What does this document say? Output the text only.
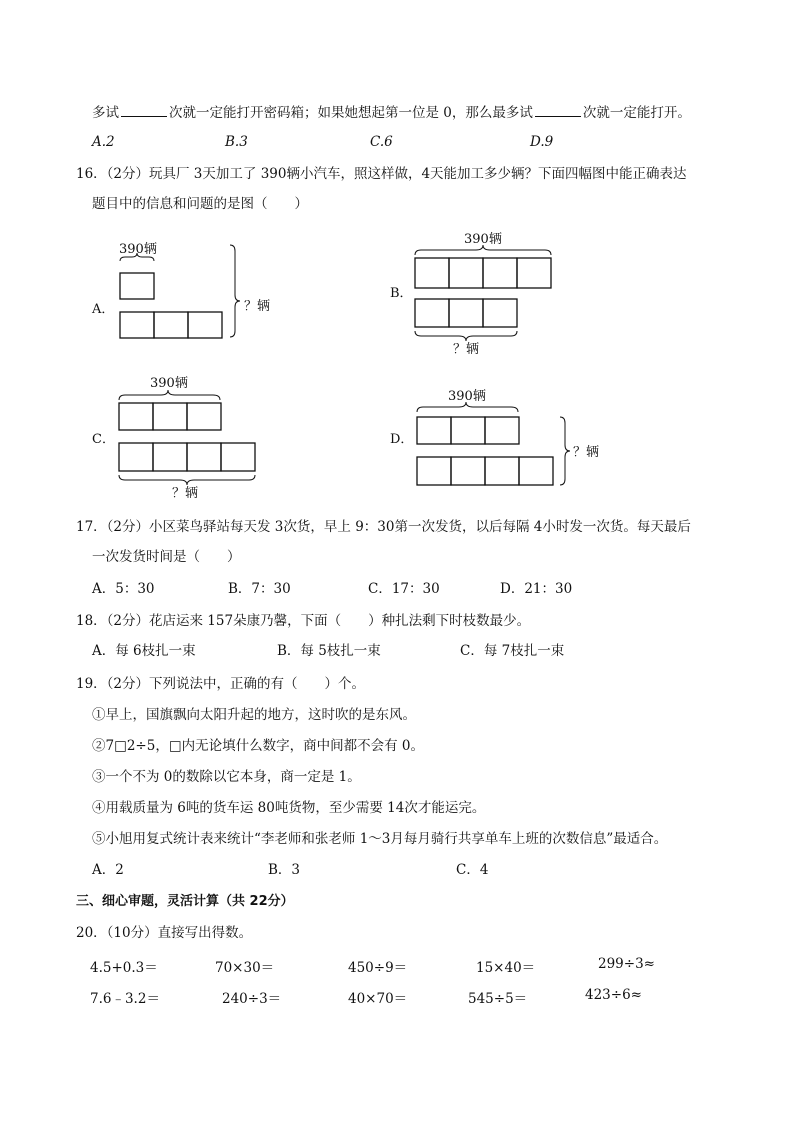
多试	次就一定能打开密码箱；如果她想起第一位是 0，那么最多试	次就一定能打开。
A.2	B.3	C.6	D.9
16．（2分）玩具厂 3天加工了 390辆小汽车，照这样做，4天能加工多少辆？下面四幅图中能正确表达
题目中的信息和问题的是图（　　）
A．
390辆
？辆
B．
390辆
？辆
C．
390辆
？辆
D．
390辆
？辆
17．（2分）小区菜鸟驿站每天发 3次货，早上 9：30第一次发货，以后每隔 4小时发一次货。每天最后
一次发货时间是（　　）
A．5：30	B．7：30	C．17：30	D．21：30
18．（2分）花店运来 157朵康乃馨，下面（　　）种扎法剩下时枝数最少。
A．每 6枝扎一束	B．每 5枝扎一束	C．每 7枝扎一束
19．（2分）下列说法中，正确的有（　　）个。
①早上，国旗飘向太阳升起的地方，这时吹的是东风。
②7□2÷5，□内无论填什么数字，商中间都不会有 0。
③一个不为 0的数除以它本身，商一定是 1。
④用载质量为 6吨的货车运 80吨货物，至少需要 14次才能运完。
⑤小旭用复式统计表来统计“李老师和张老师 1～3月每月骑行共享单车上班的次数信息”最适合。
A．2	B．3	C．4
三、细心审题，灵活计算（共 22分）
20．（10分）直接写出得数。
4.5+0.3＝	70×30＝	450÷9＝	15×40＝	299÷3≈
7.6﹣3.2＝	240÷3＝	40×70＝	545÷5＝	423÷6≈
